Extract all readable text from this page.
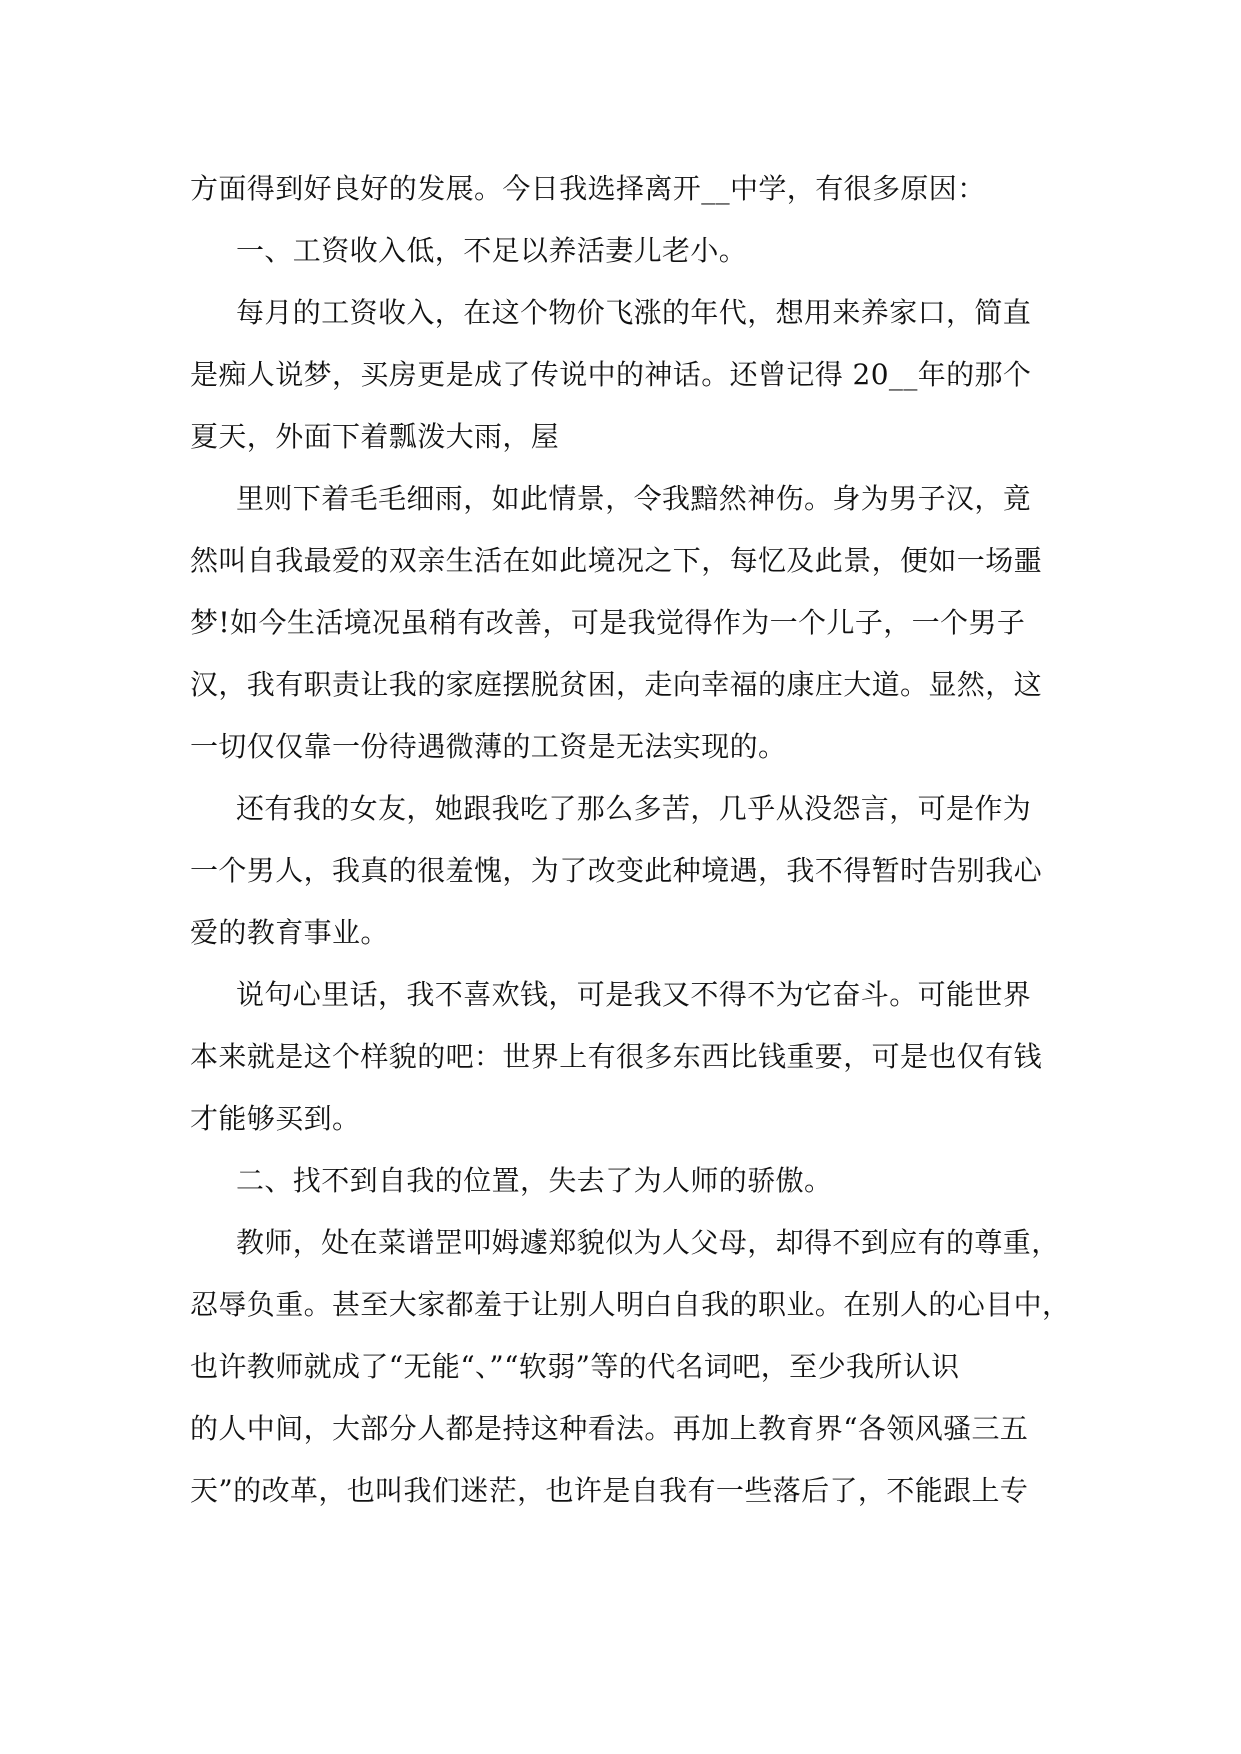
方面得到好良好的发展。今日我选择离开__中学，有很多原因：
一、工资收入低，不足以养活妻儿老小。
每月的工资收入，在这个物价飞涨的年代，想用来养家口，简直
是痴人说梦，买房更是成了传说中的神话。还曾记得 20__年的那个
夏天，外面下着瓢泼大雨，屋
里则下着毛毛细雨，如此情景，令我黯然神伤。身为男子汉，竟
然叫自我最爱的双亲生活在如此境况之下，每忆及此景，便如一场噩
梦!如今生活境况虽稍有改善，可是我觉得作为一个儿子，一个男子
汉，我有职责让我的家庭摆脱贫困，走向幸福的康庄大道。显然，这
一切仅仅靠一份待遇微薄的工资是无法实现的。
还有我的女友，她跟我吃了那么多苦，几乎从没怨言，可是作为
一个男人，我真的很羞愧，为了改变此种境遇，我不得暂时告别我心
爱的教育事业。
说句心里话，我不喜欢钱，可是我又不得不为它奋斗。可能世界
本来就是这个样貌的吧：世界上有很多东西比钱重要，可是也仅有钱
才能够买到。
二、找不到自我的位置，失去了为人师的骄傲。
教师，处在菜谱罡叩姆遽郑貌似为人父母，却得不到应有的尊重，
忍辱负重。甚至大家都羞于让别人明白自我的职业。在别人的心目中，
也许教师就成了“无能“、”“软弱”等的代名词吧，至少我所认识
的人中间，大部分人都是持这种看法。再加上教育界“各领风骚三五
天”的改革，也叫我们迷茫，也许是自我有一些落后了，不能跟上专
